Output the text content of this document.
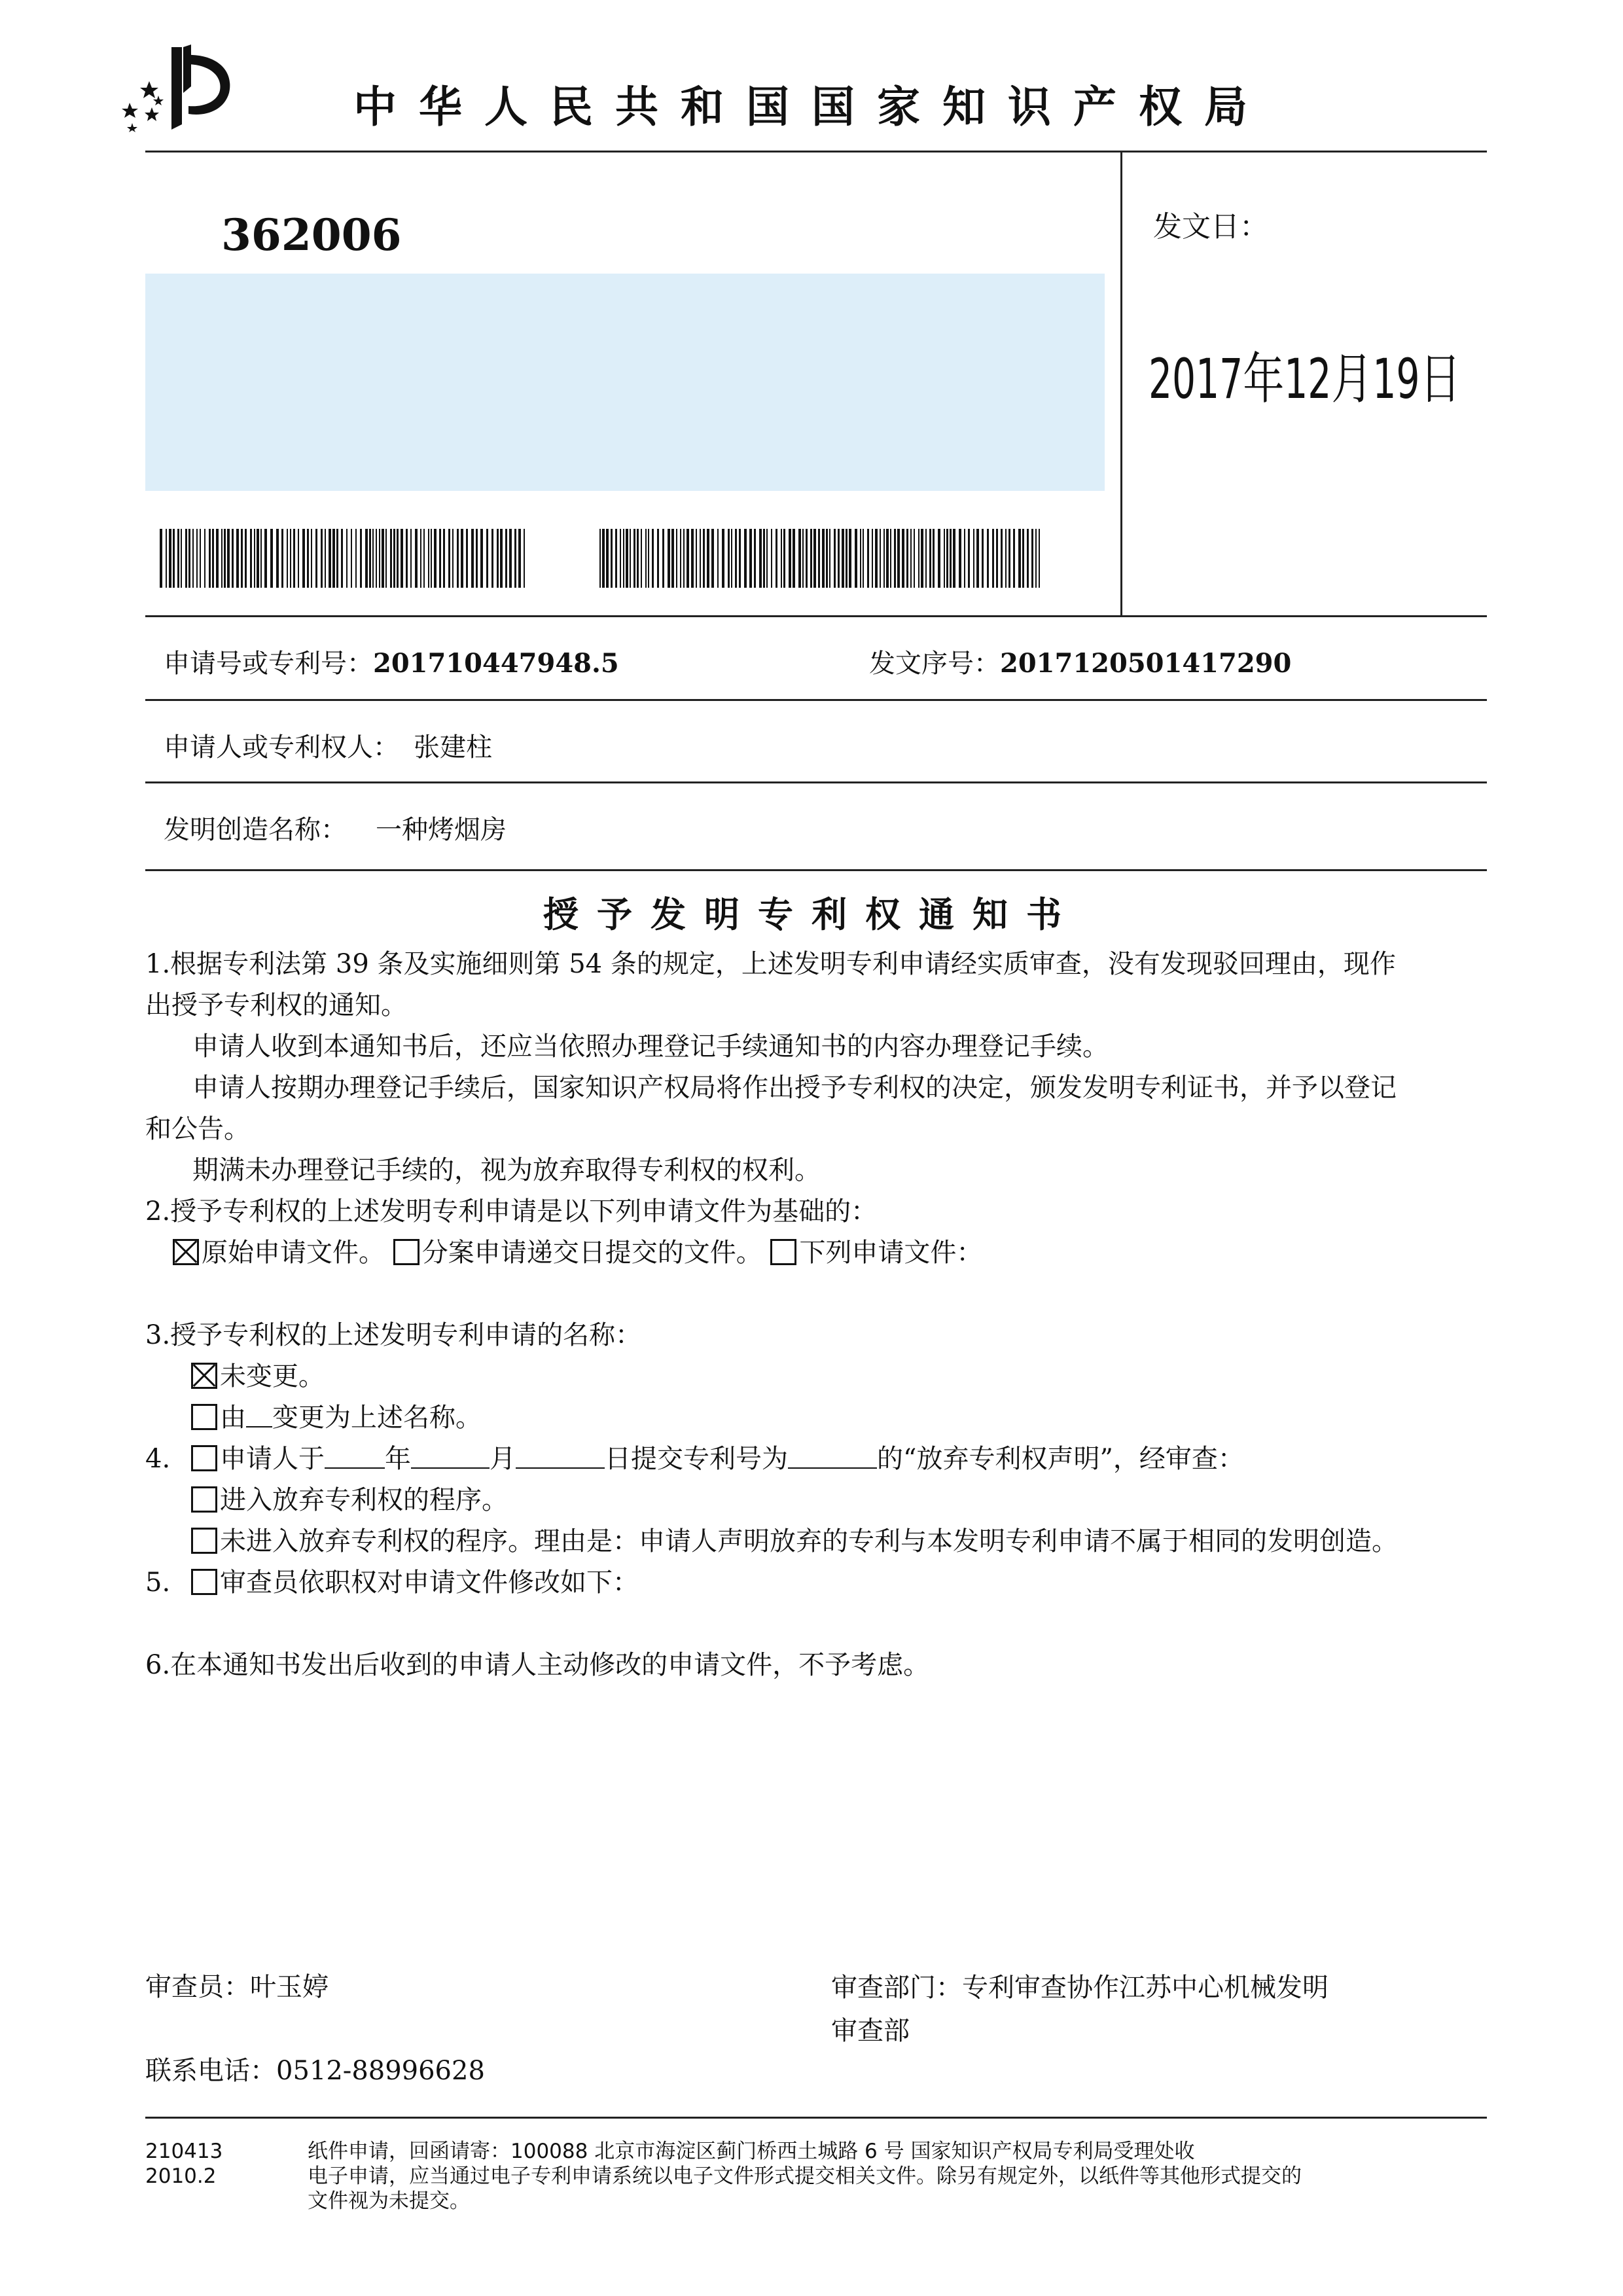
中华人民共和国国家知识产权局
362006	发文日：
2017年12月19日
申请号或专利号：201710447948.5	发文序号：2017120501417290
申请人或专利权人： 张建柱
发明创造名称： 一种烤烟房
授予发明专利权通知书
1.根据专利法第 39 条及实施细则第 54 条的规定，上述发明专利申请经实质审查，没有发现驳回理由，现作
出授予专利权的通知。
申请人收到本通知书后，还应当依照办理登记手续通知书的内容办理登记手续。
申请人按期办理登记手续后，国家知识产权局将作出授予专利权的决定，颁发发明专利证书，并予以登记
和公告。
期满未办理登记手续的，视为放弃取得专利权的权利。
2.授予专利权的上述发明专利申请是以下列申请文件为基础的：
原始申请文件。 分案申请递交日提交的文件。 下列申请文件：
3.授予专利权的上述发明专利申请的名称：
未变更。
由 变更为上述名称。
4. 申请人于 年	月	日提交专利号为	的“放弃专利权声明”，经审查：
进入放弃专利权的程序。
未进入放弃专利权的程序。理由是：申请人声明放弃的专利与本发明专利申请不属于相同的发明创造。
5. 审查员依职权对申请文件修改如下：
6.在本通知书发出后收到的申请人主动修改的申请文件，不予考虑。
审查员：叶玉婷	审查部门：专利审查协作江苏中心机械发明
审查部
联系电话：0512-88996628
210413
2010.2
纸件申请，回函请寄：100088 北京市海淀区蓟门桥西土城路 6 号 国家知识产权局专利局受理处收
电子申请，应当通过电子专利申请系统以电子文件形式提交相关文件。除另有规定外，以纸件等其他形式提交的
文件视为未提交。
